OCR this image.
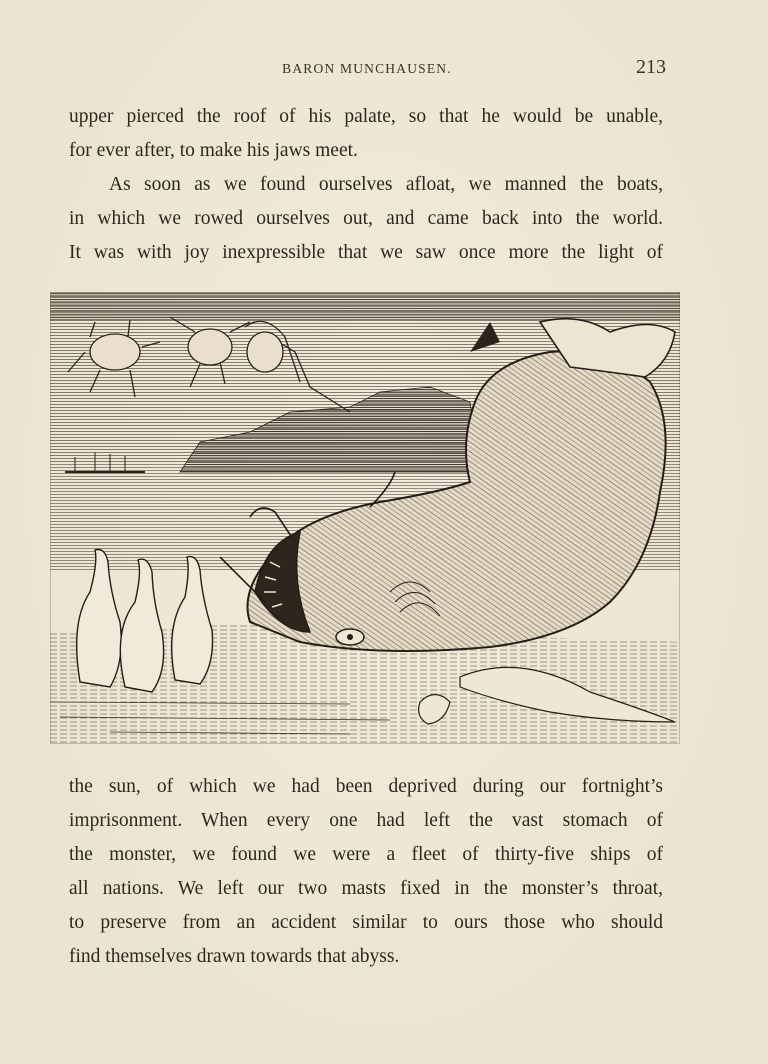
BARON MUNCHAUSEN.	213

upper pierced the roof of his palate, so that he would be unable,
for ever after, to make his jaws meet.

As soon as we found ourselves afloat, we manned the boats,
in which we rowed ourselves out, and came back into the world.
It was with joy inexpressible that we saw once more the light of

the sun, of which we had been deprived during our fortnight’s
imprisonment. When every one had left the vast stomach of
the monster, we found we were a fleet of thirty-five ships of
all nations. We left our two masts fixed in the monster’s throat,
to preserve from an accident similar to ours those who should
find themselves drawn towards that abyss.
